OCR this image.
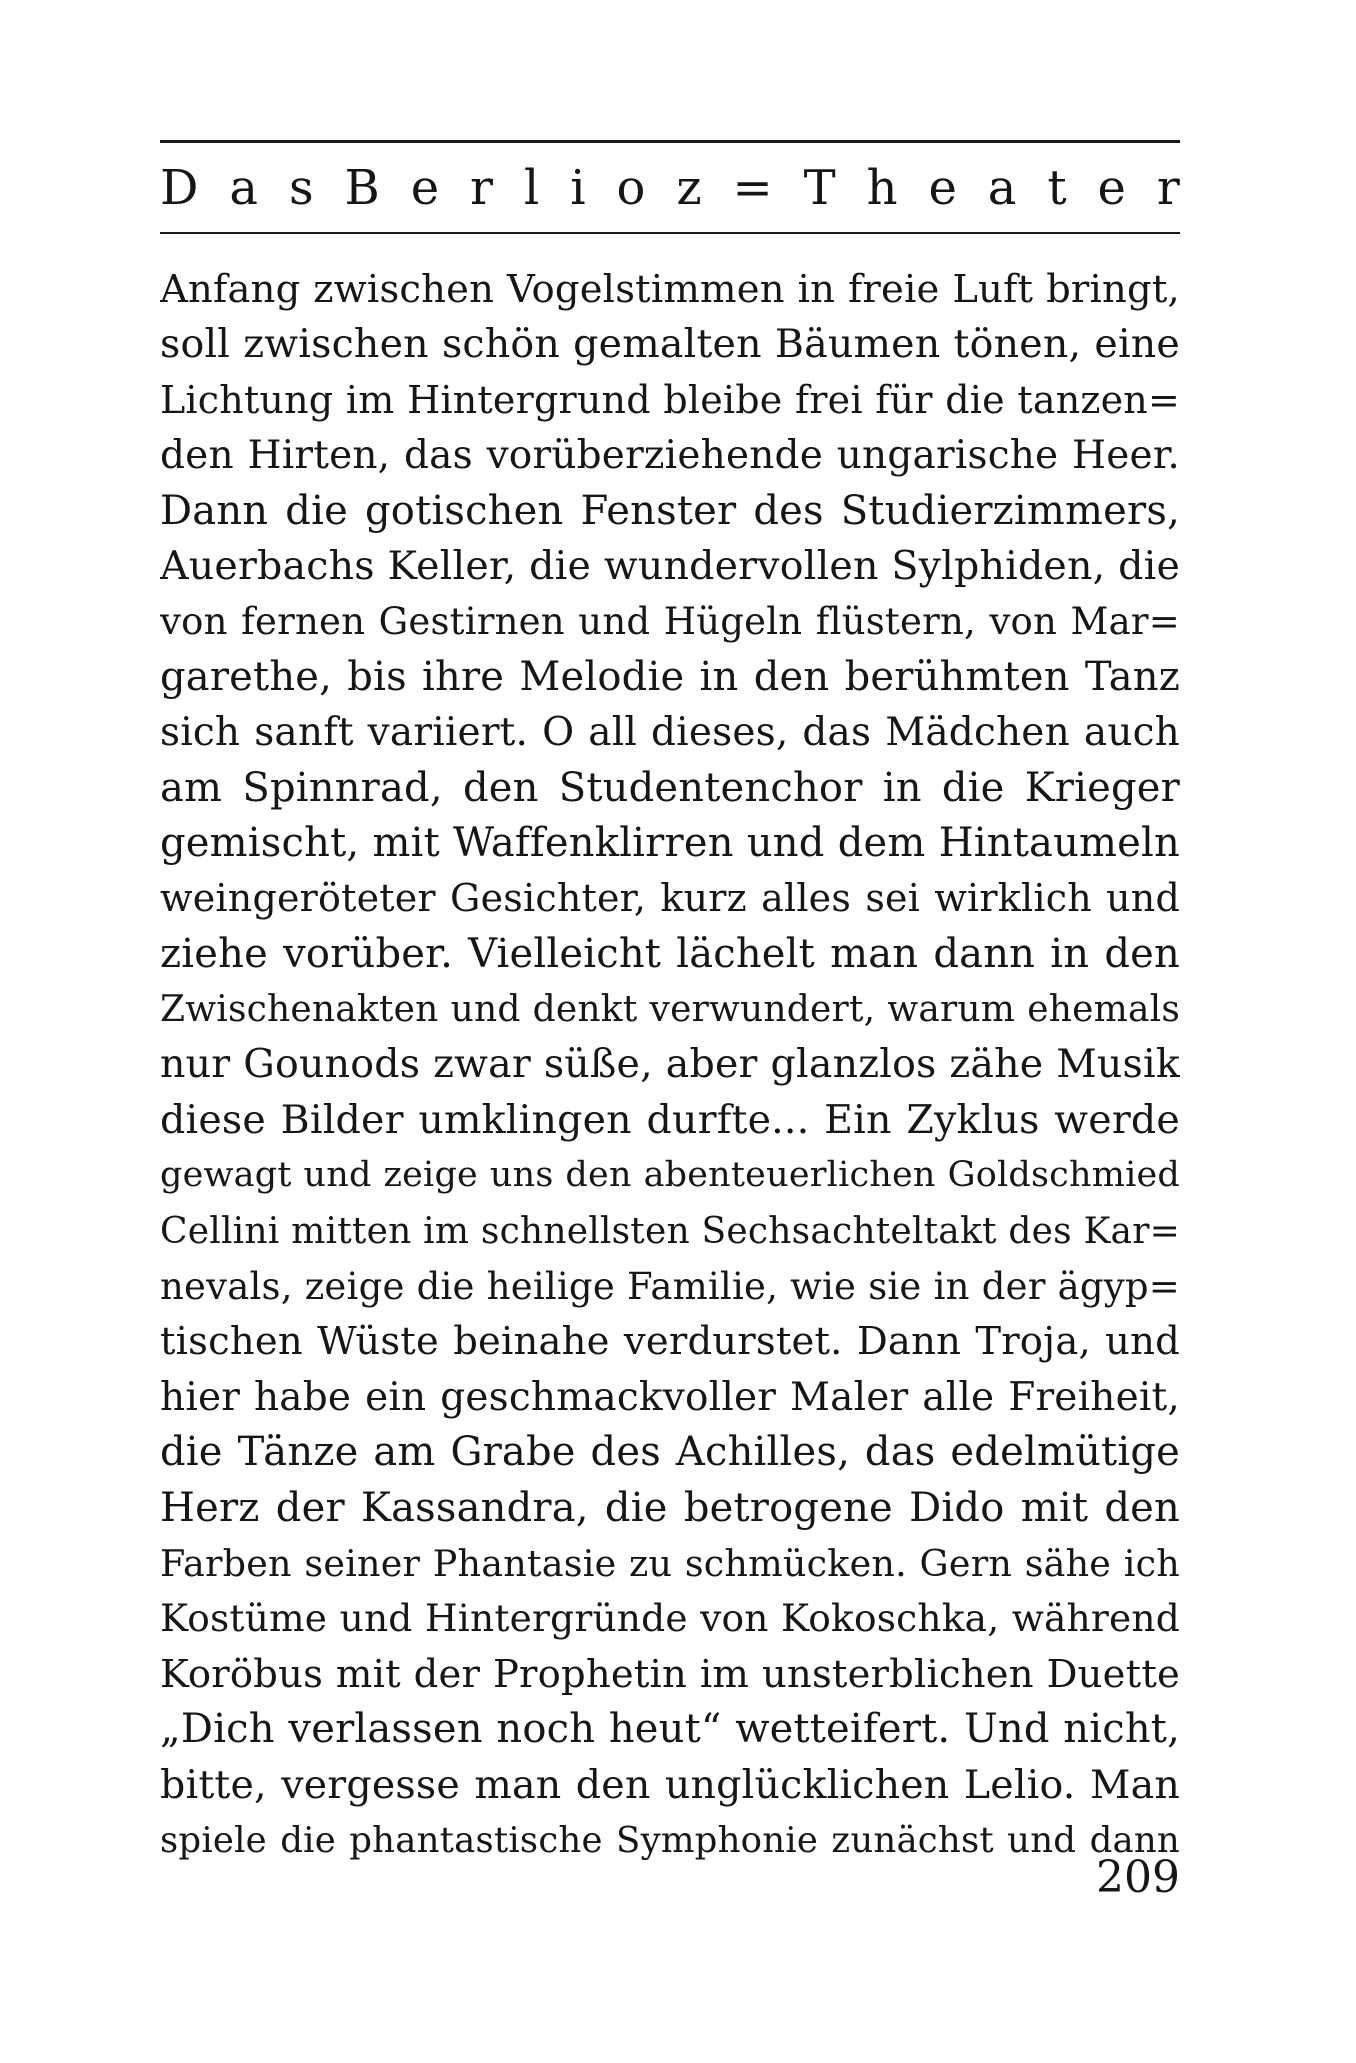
D a s B e r l i o z = T h e a t e r
Anfang zwischen Vogelstimmen in freie Luft bringt,
soll zwischen schön gemalten Bäumen tönen, eine
Lichtung im Hintergrund bleibe frei für die tanzen=
den Hirten, das vorüberziehende ungarische Heer.
Dann die gotischen Fenster des Studierzimmers,
Auerbachs Keller, die wundervollen Sylphiden, die
von fernen Gestirnen und Hügeln flüstern, von Mar=
garethe, bis ihre Melodie in den berühmten Tanz
sich sanft variiert. O all dieses, das Mädchen auch
am Spinnrad, den Studentenchor in die Krieger
gemischt, mit Waffenklirren und dem Hintaumeln
weingeröteter Gesichter, kurz alles sei wirklich und
ziehe vorüber. Vielleicht lächelt man dann in den
Zwischenakten und denkt verwundert, warum ehemals
nur Gounods zwar süße, aber glanzlos zähe Musik
diese Bilder umklingen durfte... Ein Zyklus werde
gewagt und zeige uns den abenteuerlichen Goldschmied
Cellini mitten im schnellsten Sechsachteltakt des Kar=
nevals, zeige die heilige Familie, wie sie in der ägyp=
tischen Wüste beinahe verdurstet. Dann Troja, und
hier habe ein geschmackvoller Maler alle Freiheit,
die Tänze am Grabe des Achilles, das edelmütige
Herz der Kassandra, die betrogene Dido mit den
Farben seiner Phantasie zu schmücken. Gern sähe ich
Kostüme und Hintergründe von Kokoschka, während
Koröbus mit der Prophetin im unsterblichen Duette
„Dich verlassen noch heut“ wetteifert. Und nicht,
bitte, vergesse man den unglücklichen Lelio. Man
spiele die phantastische Symphonie zunächst und dann
209
